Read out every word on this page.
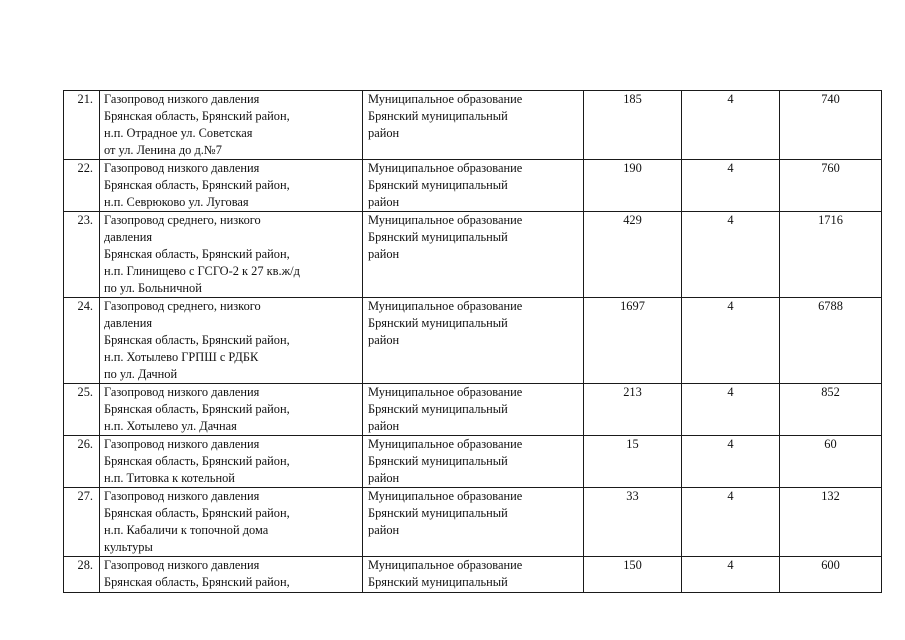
21.	Газопровод низкого давления
Брянская область, Брянский район,
н.п. Отрадное ул. Советская
от ул. Ленина до д.№7	Муниципальное образование
Брянский муниципальный
район	185	4	740
22.	Газопровод низкого давления
Брянская область, Брянский район,
н.п. Севрюково ул. Луговая	Муниципальное образование
Брянский муниципальный
район	190	4	760
23.	Газопровод среднего, низкого
давления
Брянская область, Брянский район,
н.п. Глинищево с ГСГО-2 к 27 кв.ж/д
по ул. Больничной	Муниципальное образование
Брянский муниципальный
район	429	4	1716
24.	Газопровод среднего, низкого
давления
Брянская область, Брянский район,
н.п. Хотылево ГРПШ с РДБК
по ул. Дачной	Муниципальное образование
Брянский муниципальный
район	1697	4	6788
25.	Газопровод низкого давления
Брянская область, Брянский район,
н.п. Хотылево ул. Дачная	Муниципальное образование
Брянский муниципальный
район	213	4	852
26.	Газопровод низкого давления
Брянская область, Брянский район,
н.п. Титовка к котельной	Муниципальное образование
Брянский муниципальный
район	15	4	60
27.	Газопровод низкого давления
Брянская область, Брянский район,
н.п. Кабаличи к топочной дома
культуры	Муниципальное образование
Брянский муниципальный
район	33	4	132
28.	Газопровод низкого давления
Брянская область, Брянский район,	Муниципальное образование
Брянский муниципальный	150	4	600
